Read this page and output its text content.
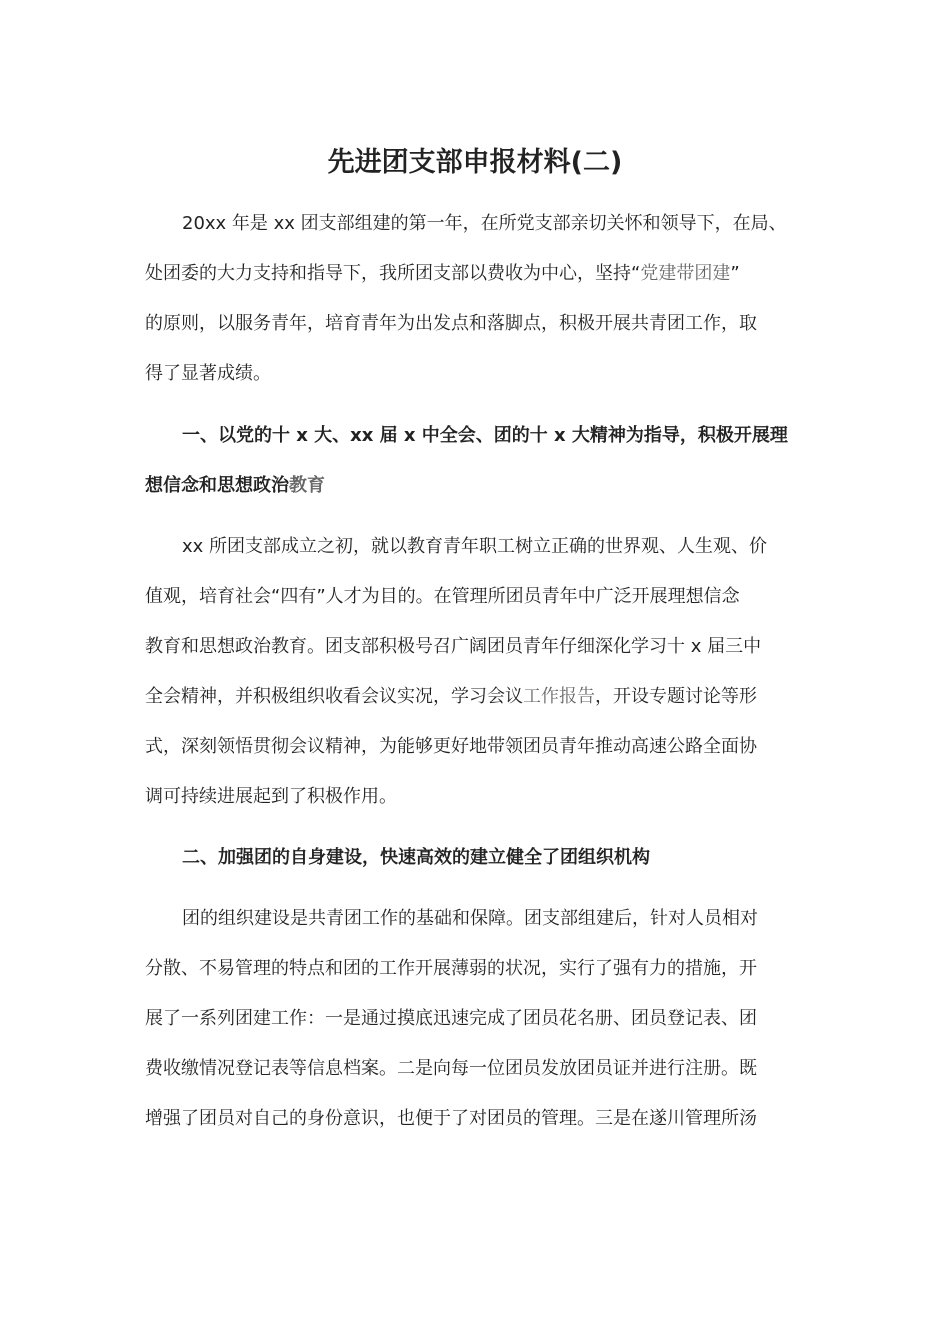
先进团支部申报材料(二)
20xx 年是 xx 团支部组建的第一年，在所党支部亲切关怀和领导下，在局、
处团委的大力支持和指导下，我所团支部以费收为中心，坚持“党建带团建”
的原则，以服务青年，培育青年为出发点和落脚点，积极开展共青团工作，取
得了显著成绩。
一、以党的十 x 大、xx 届 x 中全会、团的十 x 大精神为指导，积极开展理
想信念和思想政治教育
xx 所团支部成立之初，就以教育青年职工树立正确的世界观、人生观、价
值观，培育社会“四有”人才为目的。在管理所团员青年中广泛开展理想信念
教育和思想政治教育。团支部积极号召广阔团员青年仔细深化学习十 x 届三中
全会精神，并积极组织收看会议实况，学习会议工作报告，开设专题讨论等形
式，深刻领悟贯彻会议精神，为能够更好地带领团员青年推动高速公路全面协
调可持续进展起到了积极作用。
二、加强团的自身建设，快速高效的建立健全了团组织机构
团的组织建设是共青团工作的基础和保障。团支部组建后，针对人员相对
分散、不易管理的特点和团的工作开展薄弱的状况，实行了强有力的措施，开
展了一系列团建工作：一是通过摸底迅速完成了团员花名册、团员登记表、团
费收缴情况登记表等信息档案。二是向每一位团员发放团员证并进行注册。既
增强了团员对自己的身份意识，也便于了对团员的管理。三是在遂川管理所汤
